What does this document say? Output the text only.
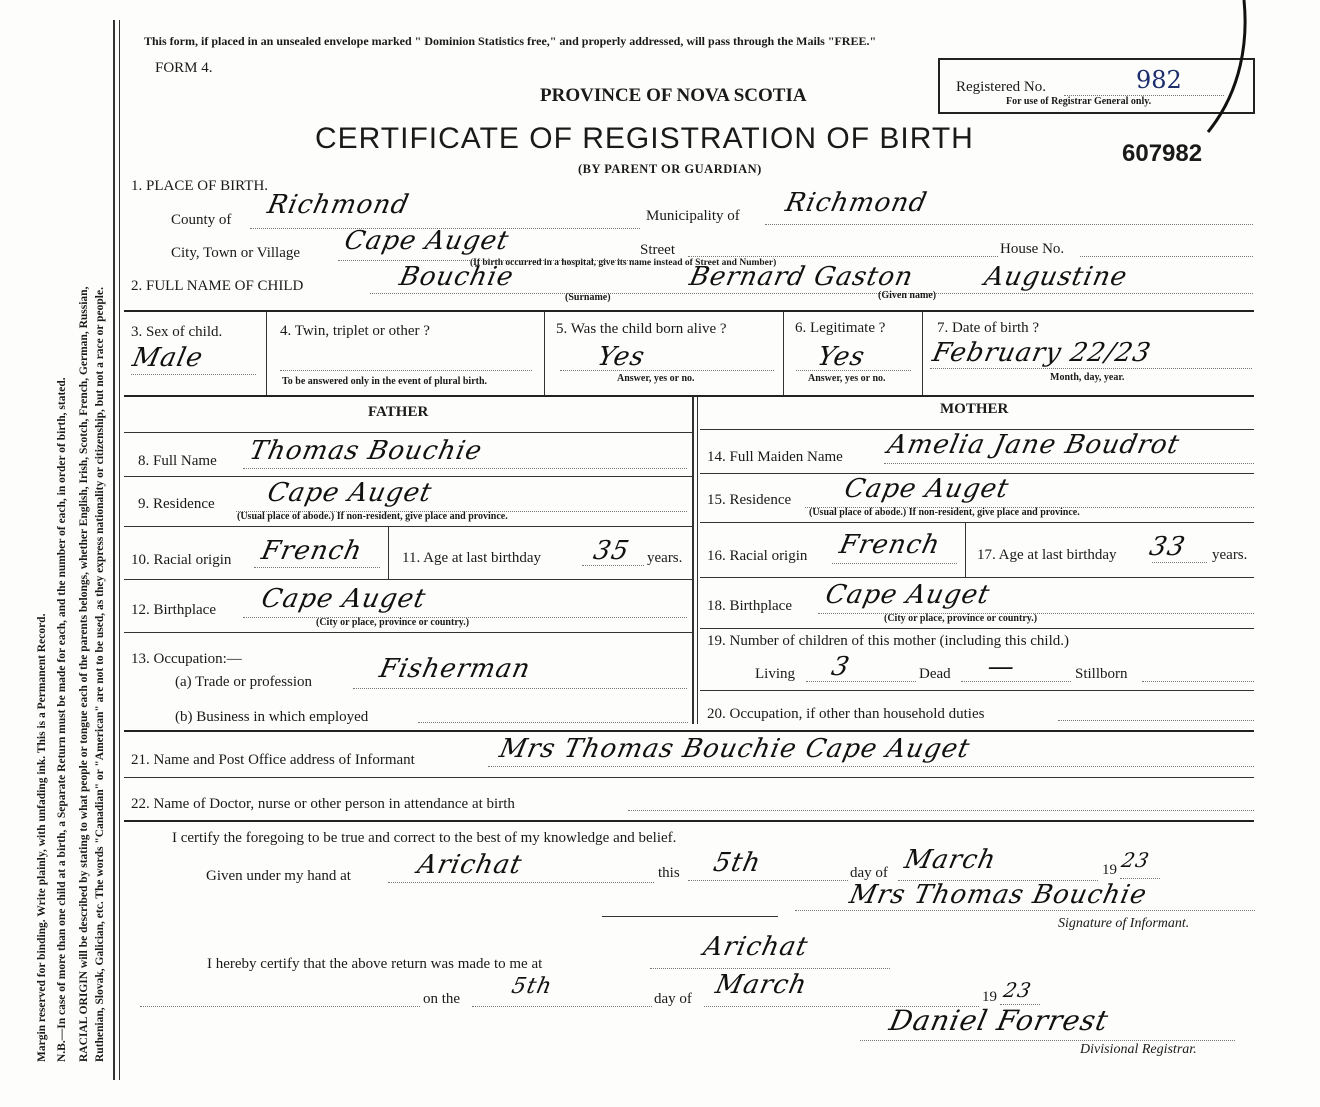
Margin reserved for binding. Write plainly, with unfading ink. This is a Permanent Record. N.B.—In case of more than one child at a birth, a Separate Return must be made for each, and the number of each, in order of birth, stated. RACIAL ORIGIN will be described by stating to what people or tongue each of the parents belongs, whether English, Irish, Scotch, French, German, Russian, Ruthenian, Slovak, Galician, etc. The words "Canadian" or "American" are not to be used, as they express nationality or citizenship, but not a race or people.
This form, if placed in an unsealed envelope marked " Dominion Statistics free," and properly addressed, will pass through the Mails "FREE."
FORM 4.
PROVINCE OF NOVA SCOTIA
CERTIFICATE OF REGISTRATION OF BIRTH
(BY PARENT OR GUARDIAN)
Registered No.	982
For use of Registrar General only.
607982
1. PLACE OF BIRTH.
County of Richmond	Municipality of Richmond
City, Town or Village Cape Auget	Street	House No.
(If birth occurred in a hospital, give its name instead of Street and Number)
2. FULL NAME OF CHILD	Bouchie	Bernard Gaston	Augustine
(Surname)	(Given name)
3. Sex of child.
Male
4. Twin, triplet or other ?
To be answered only in the event of plural birth.
5. Was the child born alive ?
Yes
Answer, yes or no.
6. Legitimate ?
Yes
Answer, yes or no.
7. Date of birth ?
February 22/23
Month, day, year.
FATHER	MOTHER
8. Full Name Thomas Bouchie
9. Residence Cape Auget
(Usual place of abode.) If non-resident, give place and province.
10. Racial origin French 11. Age at last birthday 35 years.
12. Birthplace Cape Auget
(City or place, province or country.)
13. Occupation:—
(a) Trade or profession Fisherman
(b) Business in which employed
14. Full Maiden Name Amelia Jane Boudrot
15. Residence Cape Auget
(Usual place of abode.) If non-resident, give place and province.
16. Racial origin French 17. Age at last birthday 33 years.
18. Birthplace Cape Auget
(City or place, province or country.)
19. Number of children of this mother (including this child.)
Living 3	Dead —	Stillborn
20. Occupation, if other than household duties
21. Name and Post Office address of Informant	Mrs Thomas Bouchie Cape Auget
22. Name of Doctor, nurse or other person in attendance at birth
I certify the foregoing to be true and correct to the best of my knowledge and belief.
Given under my hand at Arichat	this 5th	day of March	19 23
Mrs Thomas Bouchie
Signature of Informant.
I hereby certify that the above return was made to me at
Arichat
on the 5th	day of March	19 23
Daniel Forrest
Divisional Registrar.
